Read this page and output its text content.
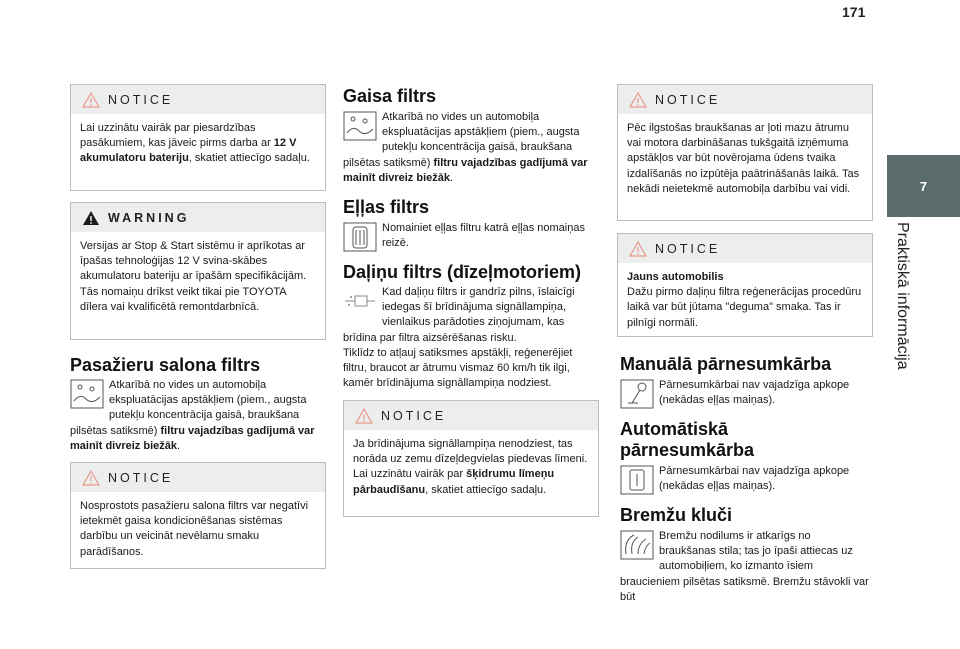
171
7
Praktiskā informācija
NOTICE
Lai uzzinātu vairāk par piesardzības pasākumiem, kas jāveic pirms darba ar 12 V akumulatoru bateriju, skatiet attiecīgo sadaļu.
WARNING
Versijas ar Stop & Start sistēmu ir aprīkotas ar īpašas tehnoloģijas 12 V svina-skābes akumulatoru bateriju ar īpašām specifikācijām.
Tās nomaiņu drīkst veikt tikai pie TOYOTA dīlera vai kvalificētā remontdarbnīcā.
Pasažieru salona filtrs
Atkarībā no vides un automobiļa ekspluatācijas apstākļiem (piem., augsta putekļu koncentrācija gaisā, braukšana pilsētas satiksmē) filtru vajadzības gadījumā var mainīt divreiz biežāk.
NOTICE
Nosprostots pasažieru salona filtrs var negatīvi ietekmēt gaisa kondicionēšanas sistēmas darbību un veicināt nevēlamu smaku parādīšanos.
Gaisa filtrs
Atkarībā no vides un automobiļa ekspluatācijas apstākļiem (piem., augsta putekļu koncentrācija gaisā, braukšana pilsētas satiksmē) filtru vajadzības gadījumā var mainīt divreiz biežāk.
Eļļas filtrs
Nomainiet eļļas filtru katrā eļļas nomaiņas reizē.
Daļiņu filtrs (dīzeļmotoriem)
Kad daļiņu filtrs ir gandrīz pilns, īslaicīgi iedegas šī brīdinājuma signāllampiņa, vienlaikus parādoties ziņojumam, kas brīdina par filtra aizsērēšanas risku.
Tiklīdz to atļauj satiksmes apstākļi, reģenerējiet filtru, braucot ar ātrumu vismaz 60 km/h tik ilgi, kamēr brīdinājuma signāllampiņa nodziest.
NOTICE
Ja brīdinājuma signāllampiņa nenodziest, tas norāda uz zemu dīzeļdegvielas piedevas līmeni.
Lai uzzinātu vairāk par šķidrumu līmeņu pārbaudīšanu, skatiet attiecīgo sadaļu.
NOTICE
Pēc ilgstošas braukšanas ar ļoti mazu ātrumu vai motora darbināšanas tukšgaitā izņēmuma apstākļos var būt novērojama ūdens tvaika izdalīšanās no izpūtēja paātrināšanās laikā. Tas nekādi neietekmē automobiļa darbību vai vidi.
NOTICE
Jauns automobilis
Dažu pirmo daļiņu filtra reģenerācijas procedūru laikā var būt jūtama "deguma" smaka. Tas ir pilnīgi normāli.
Manuālā pārnesumkārba
Pārnesumkārbai nav vajadzīga apkope (nekādas eļļas maiņas).
Automātiskā
pārnesumkārba
Pārnesumkārbai nav vajadzīga apkope (nekādas eļļas maiņas).
Bremžu kluči
Bremžu nodilums ir atkarīgs no braukšanas stila; tas jo īpaši attiecas uz automobiļiem, ko izmanto īsiem braucieniem pilsētas satiksmē. Bremžu stāvokli var būt
